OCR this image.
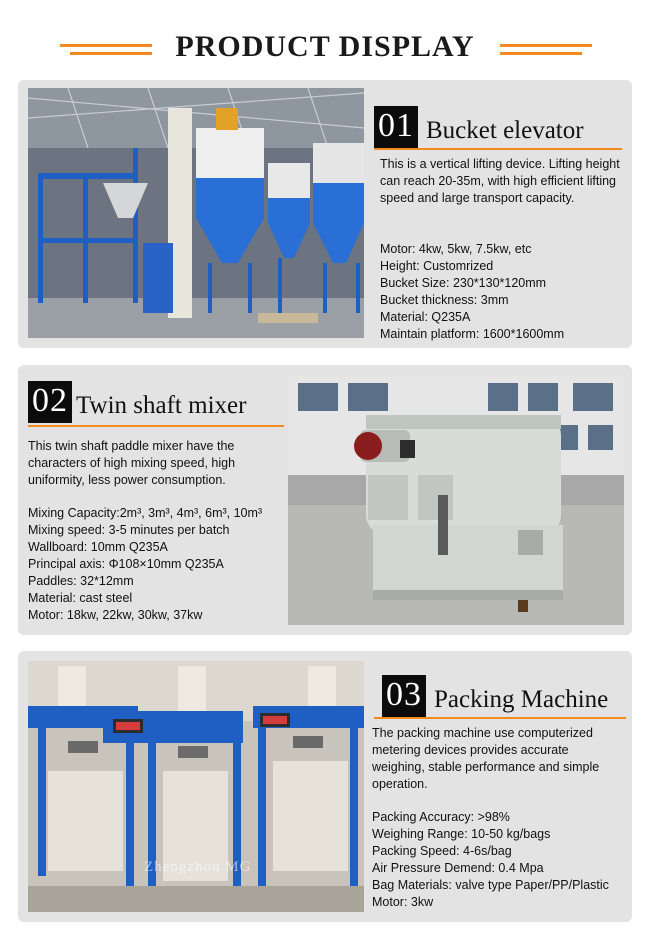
PRODUCT DISPLAY
01 Bucket elevator
This is a vertical lifting device. Lifting height can reach 20-35m, with high efficient lifting speed and large transport capacity.
Motor: 4kw, 5kw, 7.5kw, etc
Height: Customrized
Bucket Size: 230*130*120mm
Bucket thickness: 3mm
Material: Q235A
Maintain platform: 1600*1600mm
02 Twin shaft mixer
This twin shaft paddle mixer have the characters of high mixing speed, high uniformity, less power consumption.
Mixing Capacity:2m³, 3m³, 4m³, 6m³, 10m³
Mixing speed: 3-5 minutes per batch
Wallboard: 10mm Q235A
Principal axis: Φ108×10mm Q235A
Paddles: 32*12mm
Material: cast steel
Motor: 18kw, 22kw, 30kw, 37kw
Zhengzhou MG
03 Packing Machine
The packing machine use computerized metering devices provides accurate weighing, stable performance and simple operation.
Packing Accuracy: >98%
Weighing Range: 10-50 kg/bags
Packing Speed: 4-6s/bag
Air Pressure Demend: 0.4 Mpa
Bag Materials: valve type Paper/PP/Plastic
Motor: 3kw
